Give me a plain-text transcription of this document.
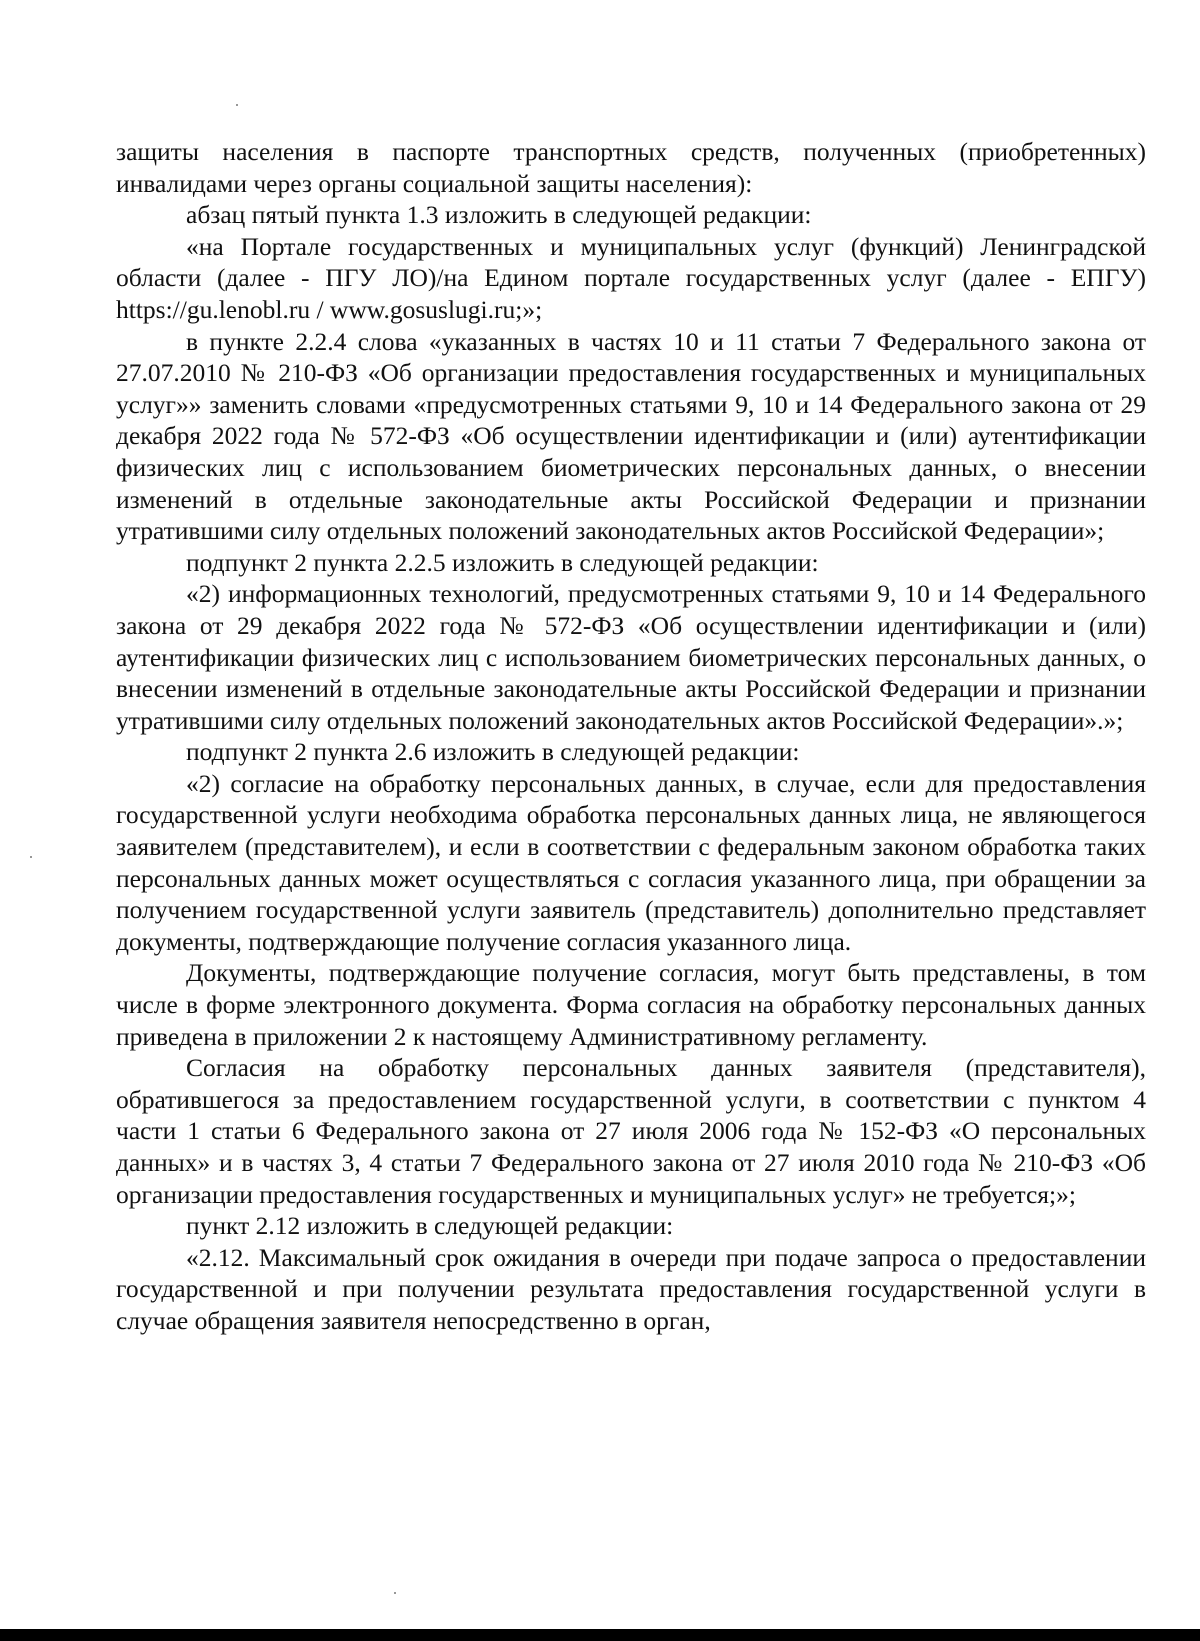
защиты населения в паспорте транспортных средств, полученных (приобретенных) инвалидами через органы социальной защиты населения):

абзац пятый пункта 1.3 изложить в следующей редакции:

«на Портале государственных и муниципальных услуг (функций) Ленинградской области (далее - ПГУ ЛО)/на Едином портале государственных услуг (далее - ЕПГУ) https://gu.lenobl.ru / www.gosuslugi.ru;»;

в пункте 2.2.4 слова «указанных в частях 10 и 11 статьи 7 Федерального закона от 27.07.2010 № 210-ФЗ «Об организации предоставления государственных и муниципальных услуг»» заменить словами «предусмотренных статьями 9, 10 и 14 Федерального закона от 29 декабря 2022 года № 572-ФЗ «Об осуществлении идентификации и (или) аутентификации физических лиц с использованием биометрических персональных данных, о внесении изменений в отдельные законодательные акты Российской Федерации и признании утратившими силу отдельных положений законодательных актов Российской Федерации»;

подпункт 2 пункта 2.2.5 изложить в следующей редакции:

«2) информационных технологий, предусмотренных статьями 9, 10 и 14 Федерального закона от 29 декабря 2022 года № 572-ФЗ «Об осуществлении идентификации и (или) аутентификации физических лиц с использованием биометрических персональных данных, о внесении изменений в отдельные законодательные акты Российской Федерации и признании утратившими силу отдельных положений законодательных актов Российской Федерации».»;

подпункт 2 пункта 2.6 изложить в следующей редакции:

«2) согласие на обработку персональных данных, в случае, если для предоставления государственной услуги необходима обработка персональных данных лица, не являющегося заявителем (представителем), и если в соответствии с федеральным законом обработка таких персональных данных может осуществляться с согласия указанного лица, при обращении за получением государственной услуги заявитель (представитель) дополнительно представляет документы, подтверждающие получение согласия указанного лица.

Документы, подтверждающие получение согласия, могут быть представлены, в том числе в форме электронного документа. Форма согласия на обработку персональных данных приведена в приложении 2 к настоящему Административному регламенту.

Согласия на обработку персональных данных заявителя (представителя), обратившегося за предоставлением государственной услуги, в соответствии с пунктом 4 части 1 статьи 6 Федерального закона от 27 июля 2006 года № 152-ФЗ «О персональных данных» и в частях 3, 4 статьи 7 Федерального закона от 27 июля 2010 года № 210-ФЗ «Об организации предоставления государственных и муниципальных услуг» не требуется;»;

пункт 2.12 изложить в следующей редакции:

«2.12. Максимальный срок ожидания в очереди при подаче запроса о предоставлении государственной и при получении результата предоставления государственной услуги в случае обращения заявителя непосредственно в орган,
